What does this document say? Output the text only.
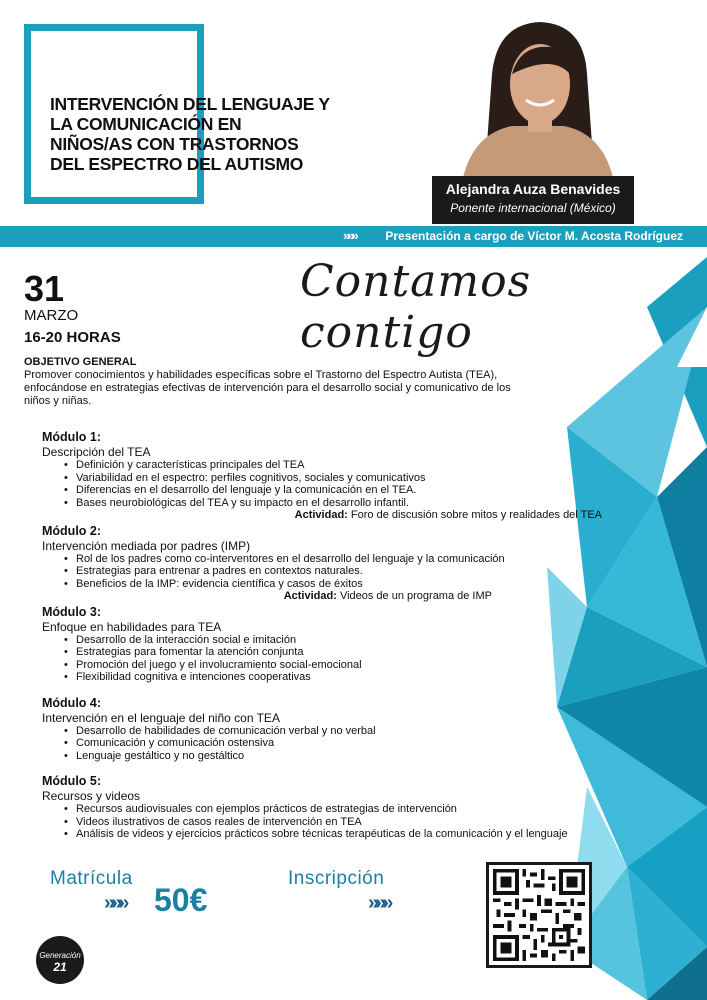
INTERVENCIÓN DEL LENGUAJE Y
LA COMUNICACIÓN EN
NIÑOS/AS CON TRASTORNOS
DEL ESPECTRO DEL AUTISMO
Alejandra Auza Benavides
Ponente internacional (México)
»»» Presentación a cargo de Víctor M. Acosta Rodríguez
31
MARZO
16-20 HORAS
Contamos contigo
OBJETIVO GENERAL
Promover conocimientos y habilidades específicas sobre el Trastorno del Espectro Autista (TEA), enfocándose en estrategias efectivas de intervención para el desarrollo social y comunicativo de los niños y niñas.
Módulo 1:
Descripción del TEA
• Definición y características principales del TEA
• Variabilidad en el espectro: perfiles cognitivos, sociales y comunicativos
• Diferencias en el desarrollo del lenguaje y la comunicación en el TEA.
• Bases neurobiológicas del TEA y su impacto en el desarrollo infantil.
Actividad: Foro de discusión sobre mitos y realidades del TEA
Módulo 2:
Intervención mediada por padres (IMP)
• Rol de los padres como co-interventores en el desarrollo del lenguaje y la comunicación
• Estrategias para entrenar a padres en contextos naturales.
• Beneficios de la IMP: evidencia científica y casos de éxitos
Actividad: Videos de un programa de IMP
Módulo 3:
Enfoque en habilidades para TEA
• Desarrollo de la interacción social e imitación
• Estrategias para fomentar la atención conjunta
• Promoción del juego y el involucramiento social-emocional
• Flexibilidad cognitiva e intenciones cooperativas
Módulo 4:
Intervención en el lenguaje del niño con TEA
• Desarrollo de habilidades de comunicación verbal y no verbal
• Comunicación y comunicación ostensiva
• Lenguaje gestáltico y no gestáltico
Módulo 5:
Recursos y videos
• Recursos audiovisuales con ejemplos prácticos de estrategias de intervención
• Videos ilustrativos de casos reales de intervención en TEA
• Análisis de videos y ejercicios prácticos sobre técnicas terapéuticas de la comunicación y el lenguaje
Matrícula
»»» 50€
Inscripción
»»»
Generación
21
